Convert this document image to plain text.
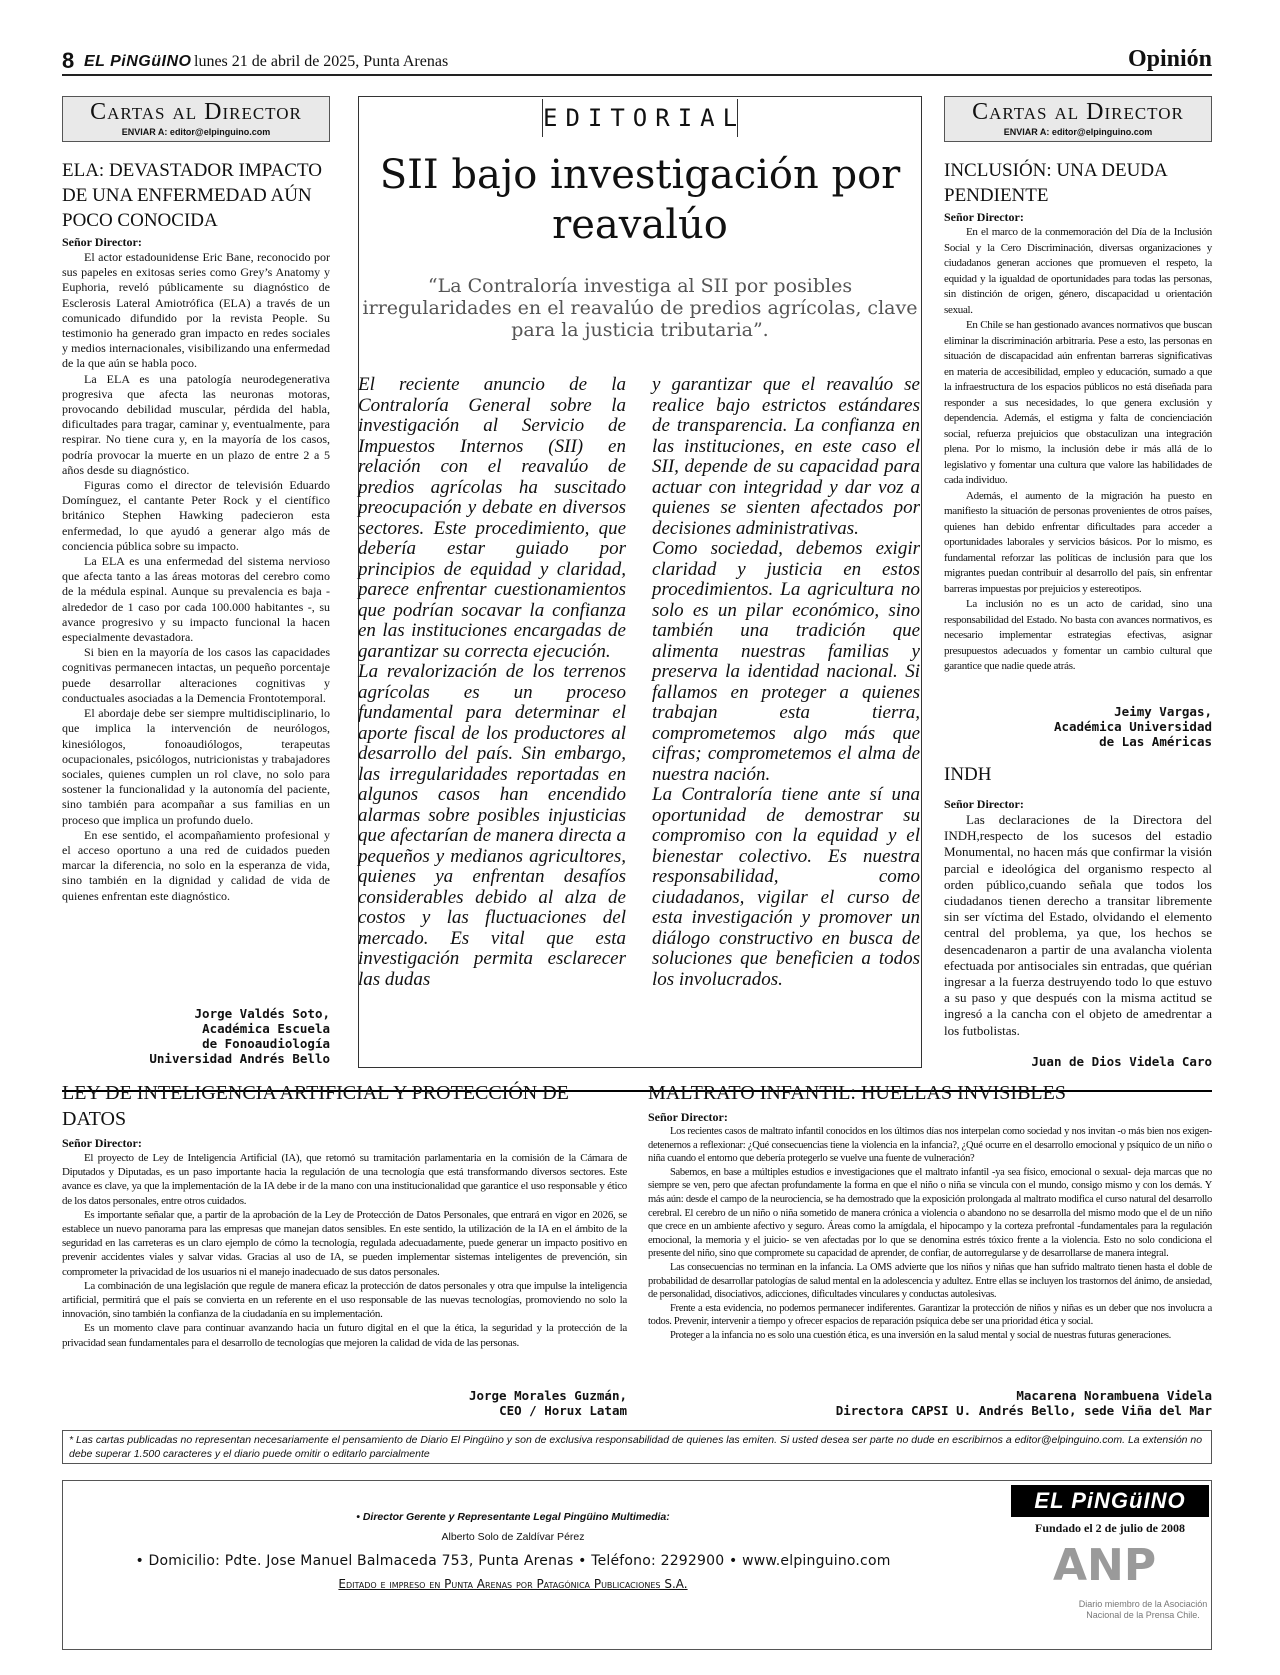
8 EL PiNGüINO lunes 21 de abril de 2025, Punta Arenas	Opinión
Cartas al Director
ENVIAR A: editor@elpinguino.com
ELA: DEVASTADOR IMPACTO DE UNA ENFERMEDAD AÚN POCO CONOCIDA
Señor Director:

El actor estadounidense Eric Bane, reconocido por sus papeles en exitosas series como Grey’s Anatomy y Euphoria, reveló públicamente su diagnóstico de Esclerosis Lateral Amiotrófica (ELA) a través de un comunicado difundido por la revista People. Su testimonio ha generado gran impacto en redes sociales y medios internacionales, visibilizando una enfermedad de la que aún se habla poco.

La ELA es una patología neurodegenerativa progresiva que afecta las neuronas motoras, provocando debilidad muscular, pérdida del habla, dificultades para tragar, caminar y, eventualmente, para respirar. No tiene cura y, en la mayoría de los casos, podría provocar la muerte en un plazo de entre 2 a 5 años desde su diagnóstico.

Figuras como el director de televisión Eduardo Domínguez, el cantante Peter Rock y el científico británico Stephen Hawking padecieron esta enfermedad, lo que ayudó a generar algo más de conciencia pública sobre su impacto.

La ELA es una enfermedad del sistema nervioso que afecta tanto a las áreas motoras del cerebro como de la médula espinal. Aunque su prevalencia es baja - alrededor de 1 caso por cada 100.000 habitantes -, su avance progresivo y su impacto funcional la hacen especialmente devastadora.

Si bien en la mayoría de los casos las capacidades cognitivas permanecen intactas, un pequeño porcentaje puede desarrollar alteraciones cognitivas y conductuales asociadas a la Demencia Frontotemporal.

El abordaje debe ser siempre multidisciplinario, lo que implica la intervención de neurólogos, kinesiólogos, fonoaudiólogos, terapeutas ocupacionales, psicólogos, nutricionistas y trabajadores sociales, quienes cumplen un rol clave, no solo para sostener la funcionalidad y la autonomía del paciente, sino también para acompañar a sus familias en un proceso que implica un profundo duelo.

En ese sentido, el acompañamiento profesional y el acceso oportuno a una red de cuidados pueden marcar la diferencia, no solo en la esperanza de vida, sino también en la dignidad y calidad de vida de quienes enfrentan este diagnóstico.

Jorge Valdés Soto,
Académica Escuela
de Fonoaudiología
Universidad Andrés Bello
EDITORIAL
SII bajo investigación por reavalúo
“La Contraloría investiga al SII por posibles irregularidades en el reavalúo de predios agrícolas, clave para la justicia tributaria”.

El reciente anuncio de la Contraloría General sobre la investigación al Servicio de Impuestos Internos (SII) en relación con el reavalúo de predios agrícolas ha suscitado preocupación y debate en diversos sectores. Este procedimiento, que debería estar guiado por principios de equidad y claridad, parece enfrentar cuestionamientos que podrían socavar la confianza en las instituciones encargadas de garantizar su correcta ejecución.

La revalorización de los terrenos agrícolas es un proceso fundamental para determinar el aporte fiscal de los productores al desarrollo del país. Sin embargo, las irregularidades reportadas en algunos casos han encendido alarmas sobre posibles injusticias que afectarían de manera directa a pequeños y medianos agricultores, quienes ya enfrentan desafíos considerables debido al alza de costos y las fluctuaciones del mercado. Es vital que esta investigación permita esclarecer las dudas

y garantizar que el reavalúo se realice bajo estrictos estándares de transparencia. La confianza en las instituciones, en este caso el SII, depende de su capacidad para actuar con integridad y dar voz a quienes se sienten afectados por decisiones administrativas.

Como sociedad, debemos exigir claridad y justicia en estos procedimientos. La agricultura no solo es un pilar económico, sino también una tradición que alimenta nuestras familias y preserva la identidad nacional. Si fallamos en proteger a quienes trabajan esta tierra, comprometemos algo más que cifras; comprometemos el alma de nuestra nación.

La Contraloría tiene ante sí una oportunidad de demostrar su compromiso con la equidad y el bienestar colectivo. Es nuestra responsabilidad, como ciudadanos, vigilar el curso de esta investigación y promover un diálogo constructivo en busca de soluciones que beneficien a todos los involucrados.

Cartas al Director
ENVIAR A: editor@elpinguino.com
INCLUSIÓN: UNA DEUDA PENDIENTE
Señor Director:

En el marco de la conmemoración del Día de la Inclusión Social y la Cero Discriminación, diversas organizaciones y ciudadanos generan acciones que promueven el respeto, la equidad y la igualdad de oportunidades para todas las personas, sin distinción de origen, género, discapacidad u orientación sexual.

En Chile se han gestionado avances normativos que buscan eliminar la discriminación arbitraria. Pese a esto, las personas en situación de discapacidad aún enfrentan barreras significativas en materia de accesibilidad, empleo y educación, sumado a que la infraestructura de los espacios públicos no está diseñada para responder a sus necesidades, lo que genera exclusión y dependencia. Además, el estigma y falta de concienciación social, refuerza prejuicios que obstaculizan una integración plena. Por lo mismo, la inclusión debe ir más allá de lo legislativo y fomentar una cultura que valore las habilidades de cada individuo.

Además, el aumento de la migración ha puesto en manifiesto la situación de personas provenientes de otros países, quienes han debido enfrentar dificultades para acceder a oportunidades laborales y servicios básicos. Por lo mismo, es fundamental reforzar las políticas de inclusión para que los migrantes puedan contribuir al desarrollo del país, sin enfrentar barreras impuestas por prejuicios y estereotipos.

La inclusión no es un acto de caridad, sino una responsabilidad del Estado. No basta con avances normativos, es necesario implementar estrategias efectivas, asignar presupuestos adecuados y fomentar un cambio cultural que garantice que nadie quede atrás.

Jeimy Vargas,
Académica Universidad
de Las Américas
INDH
Señor Director:

Las declaraciones de la Directora del INDH,respecto de los sucesos del estadio Monumental, no hacen más que confirmar la visión parcial e ideológica del organismo respecto al orden público,cuando señala que todos los ciudadanos tienen derecho a transitar libremente sin ser víctima del Estado, olvidando el elemento central del problema, ya que, los hechos se desencadenaron a partir de una avalancha violenta efectuada por antisociales sin entradas, que quérian ingresar a la fuerza destruyendo todo lo que estuvo a su paso y que después con la misma actitud se ingresó a la cancha con el objeto de amedrentar a los futbolistas.

Juan de Dios Videla Caro
LEY DE INTELIGENCIA ARTIFICIAL Y PROTECCIÓN DE DATOS
Señor Director:

El proyecto de Ley de Inteligencia Artificial (IA), que retomó su tramitación parlamentaria en la comisión de la Cámara de Diputados y Diputadas, es un paso importante hacia la regulación de una tecnología que está transformando diversos sectores. Este avance es clave, ya que la implementación de la IA debe ir de la mano con una institucionalidad que garantice el uso responsable y ético de los datos personales, entre otros cuidados.

Es importante señalar que, a partir de la aprobación de la Ley de Protección de Datos Personales, que entrará en vigor en 2026, se establece un nuevo panorama para las empresas que manejan datos sensibles. En este sentido, la utilización de la IA en el ámbito de la seguridad en las carreteras es un claro ejemplo de cómo la tecnología, regulada adecuadamente, puede generar un impacto positivo en prevenir accidentes viales y salvar vidas. Gracias al uso de IA, se pueden implementar sistemas inteligentes de prevención, sin comprometer la privacidad de los usuarios ni el manejo inadecuado de sus datos personales.

La combinación de una legislación que regule de manera eficaz la protección de datos personales y otra que impulse la inteligencia artificial, permitirá que el país se convierta en un referente en el uso responsable de las nuevas tecnologías, promoviendo no solo la innovación, sino también la confianza de la ciudadanía en su implementación.

Es un momento clave para continuar avanzando hacia un futuro digital en el que la ética, la seguridad y la protección de la privacidad sean fundamentales para el desarrollo de tecnologías que mejoren la calidad de vida de las personas.

Jorge Morales Guzmán,
CEO / Horux Latam
MALTRATO INFANTIL: HUELLAS INVISIBLES
Señor Director:

Los recientes casos de maltrato infantil conocidos en los últimos días nos interpelan como sociedad y nos invitan -o más bien nos exigen- detenernos a reflexionar: ¿Qué consecuencias tiene la violencia en la infancia?, ¿Qué ocurre en el desarrollo emocional y psíquico de un niño o niña cuando el entorno que debería protegerlo se vuelve una fuente de vulneración?

Sabemos, en base a múltiples estudios e investigaciones que el maltrato infantil -ya sea físico, emocional o sexual- deja marcas que no siempre se ven, pero que afectan profundamente la forma en que el niño o niña se vincula con el mundo, consigo mismo y con los demás. Y más aún: desde el campo de la neurociencia, se ha demostrado que la exposición prolongada al maltrato modifica el curso natural del desarrollo cerebral. El cerebro de un niño o niña sometido de manera crónica a violencia o abandono no se desarrolla del mismo modo que el de un niño que crece en un ambiente afectivo y seguro. Áreas como la amígdala, el hipocampo y la corteza prefrontal -fundamentales para la regulación emocional, la memoria y el juicio- se ven afectadas por lo que se denomina estrés tóxico frente a la violencia. Esto no solo condiciona el presente del niño, sino que compromete su capacidad de aprender, de confiar, de autorregularse y de desarrollarse de manera integral.

Las consecuencias no terminan en la infancia. La OMS advierte que los niños y niñas que han sufrido maltrato tienen hasta el doble de probabilidad de desarrollar patologías de salud mental en la adolescencia y adultez. Entre ellas se incluyen los trastornos del ánimo, de ansiedad, de personalidad, disociativos, adicciones, dificultades vinculares y conductas autolesivas.

Frente a esta evidencia, no podemos permanecer indiferentes. Garantizar la protección de niños y niñas es un deber que nos involucra a todos. Prevenir, intervenir a tiempo y ofrecer espacios de reparación psíquica debe ser una prioridad ética y social.

Proteger a la infancia no es solo una cuestión ética, es una inversión en la salud mental y social de nuestras futuras generaciones.

Macarena Norambuena Videla
Directora CAPSI U. Andrés Bello, sede Viña del Mar
* Las cartas publicadas no representan necesariamente el pensamiento de Diario El Pingüino y son de exclusiva responsabilidad de quienes las emiten. Si usted desea ser parte no dude en escribirnos a editor@elpinguino.com. La extensión no debe superar 1.500 caracteres y el diario puede omitir o editarlo parcialmente
• Director Gerente y Representante Legal Pingüino Multimedia:
Alberto Solo de Zaldívar Pérez
• Domicilio: Pdte. Jose Manuel Balmaceda 753, Punta Arenas • Teléfono: 2292900 • www.elpinguino.com
Editado e impreso en Punta Arenas por Patagónica Publicaciones S.A.
EL PiNGüINO
Fundado el 2 de julio de 2008
ANP
Diario miembro de la Asociación Nacional de la Prensa Chile.
